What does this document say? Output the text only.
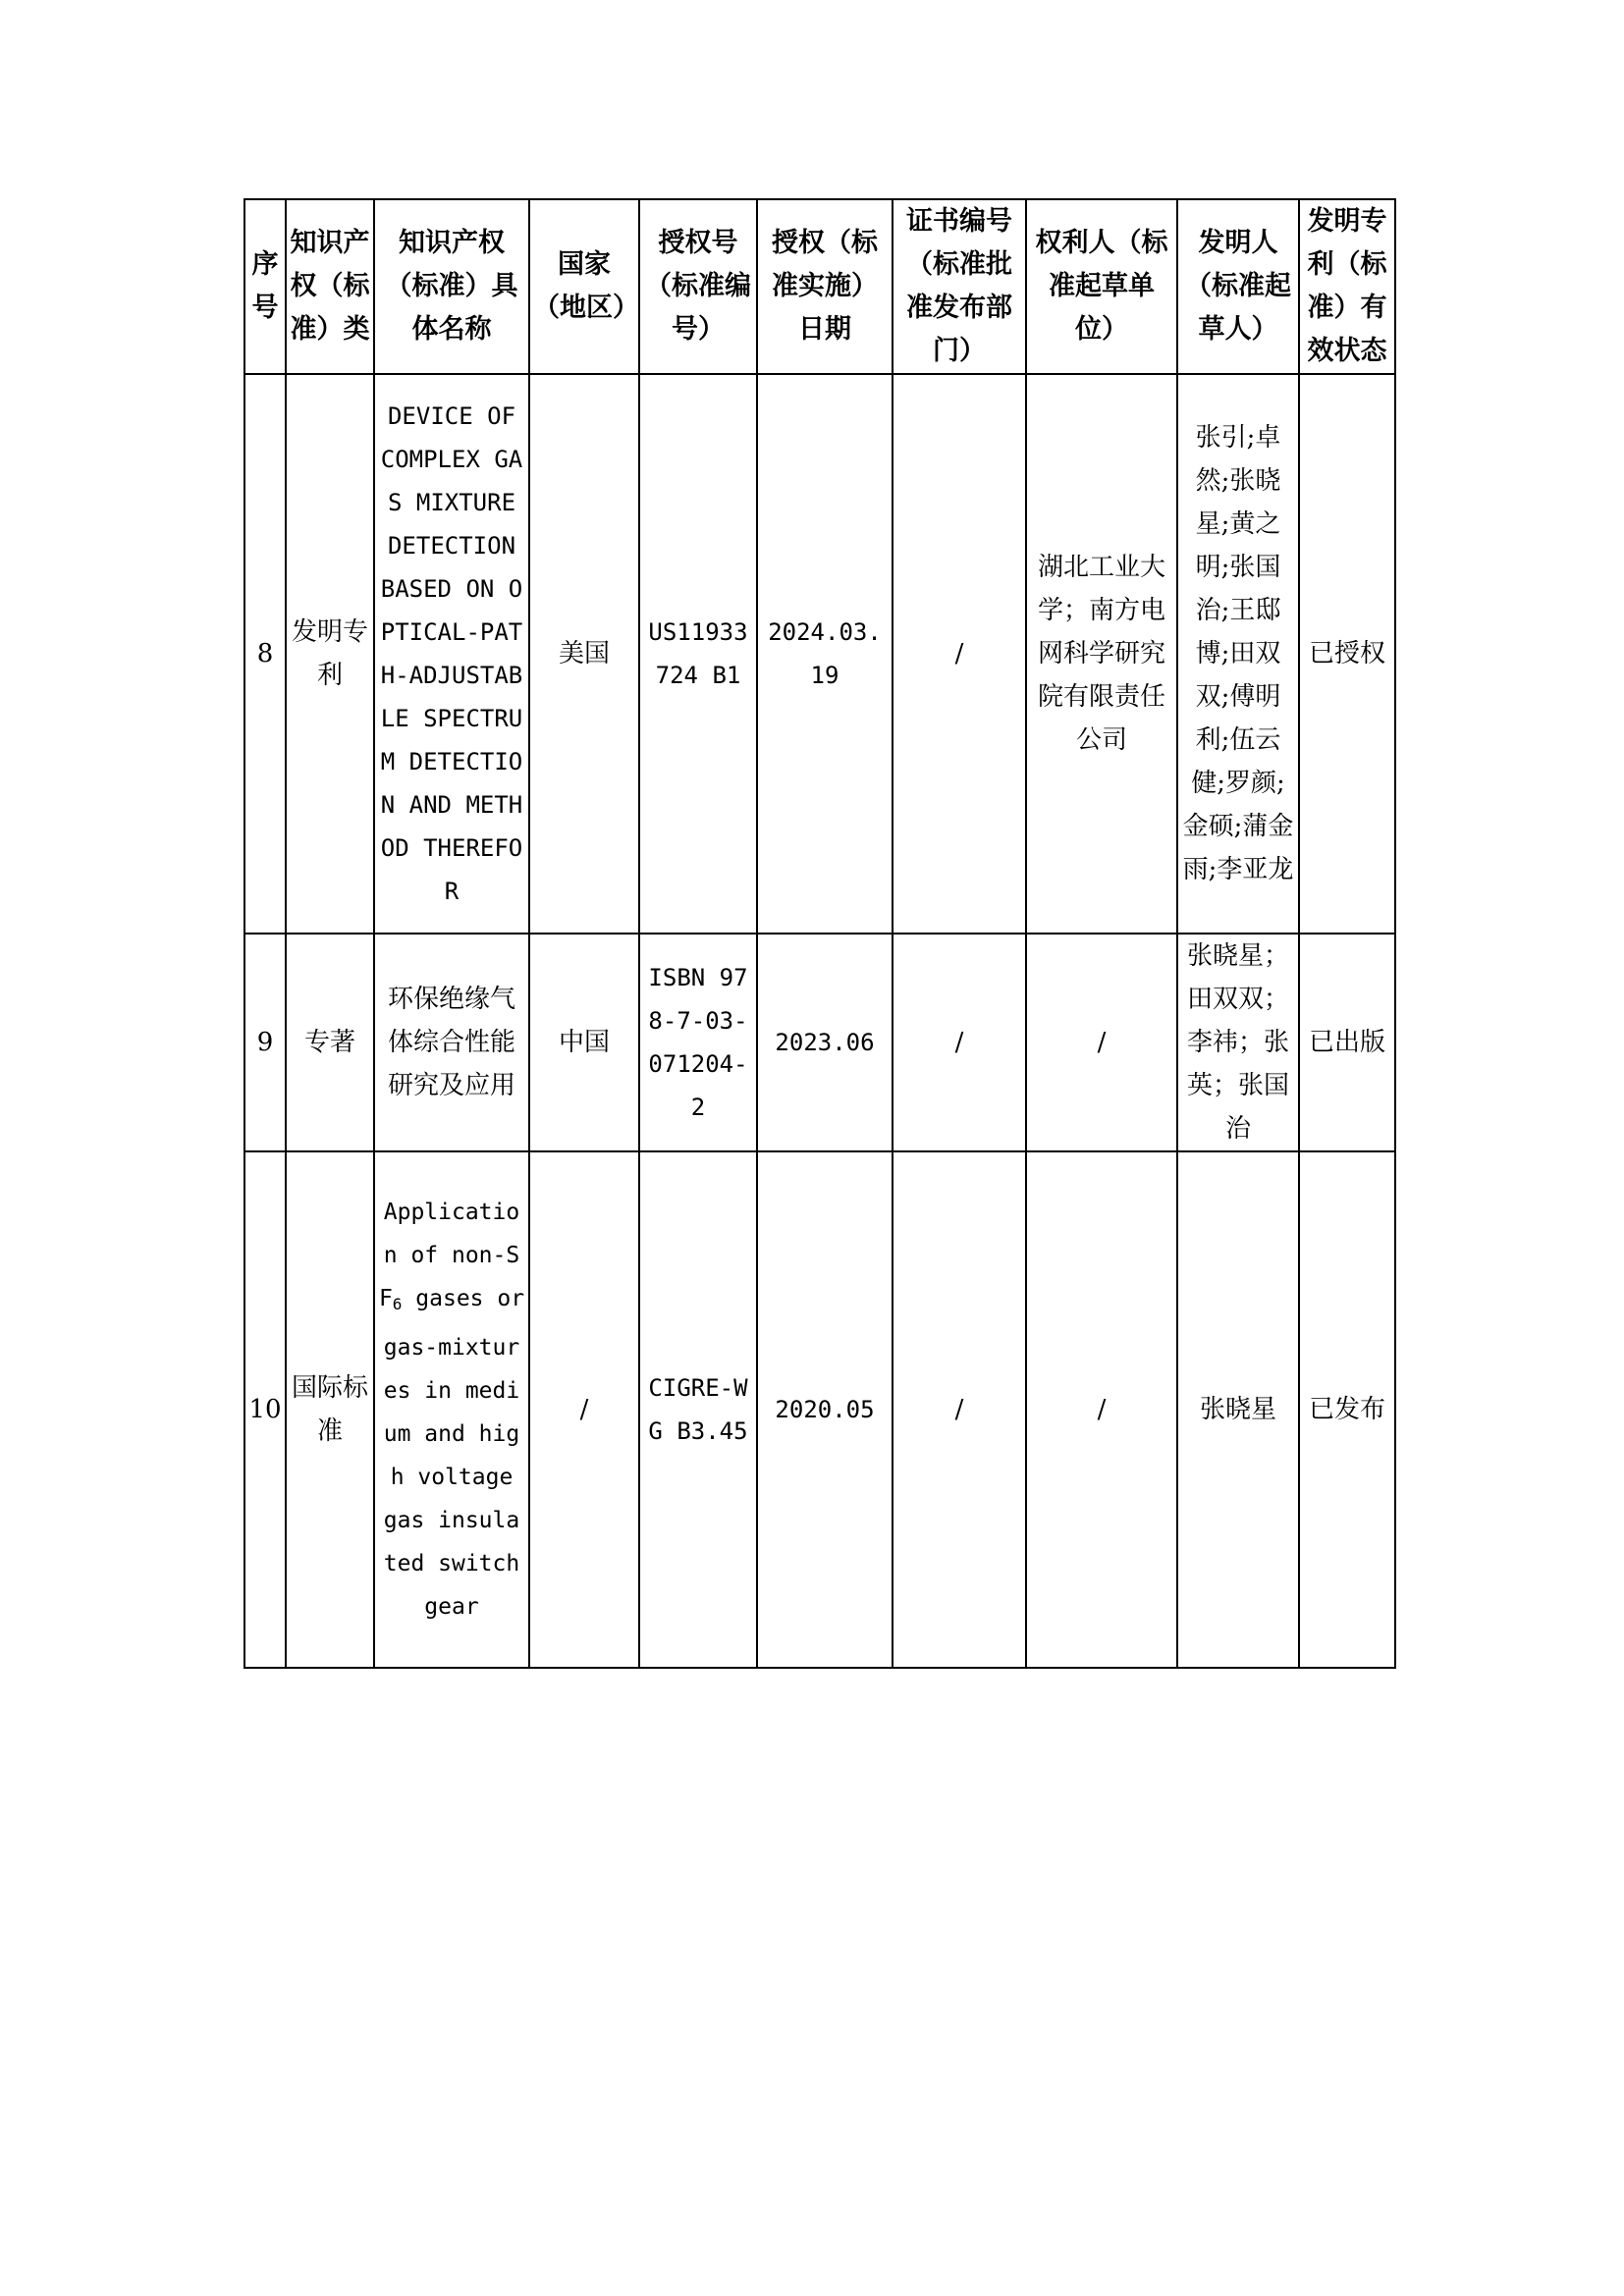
序号	知识产权（标准）类	知识产权（标准）具体名称	国家（地区）	授权号（标准编号）	授权（标准实施）日期	证书编号（标准批准发布部门）	权利人（标准起草单位）	发明人（标准起草人）	发明专利（标准）有效状态
8	发明专利	DEVICE OF COMPLEX GAS MIXTURE DETECTION BASED ON OPTICAL-PATH-ADJUSTABLE SPECTRUM DETECTION AND METHOD THEREFOR	美国	US11933724 B1	2024.03.19	/	湖北工业大学；南方电网科学研究院有限责任公司	张引;卓然;张晓星;黄之明;张国治;王邸博;田双双;傅明利;伍云健;罗颜;金硕;蒲金雨;李亚龙	已授权
9	专著	环保绝缘气体综合性能研究及应用	中国	ISBN 978-7-03-071204-2	2023.06	/	/	张晓星；田双双；李祎；张英；张国治	已出版
10	国际标准	Application of non-$SF_6$ gases or gas-mixtures in medium and high voltage gas insulated switchgear	/	CIGRE-WG B3.45	2020.05	/	/	张晓星	已发布
